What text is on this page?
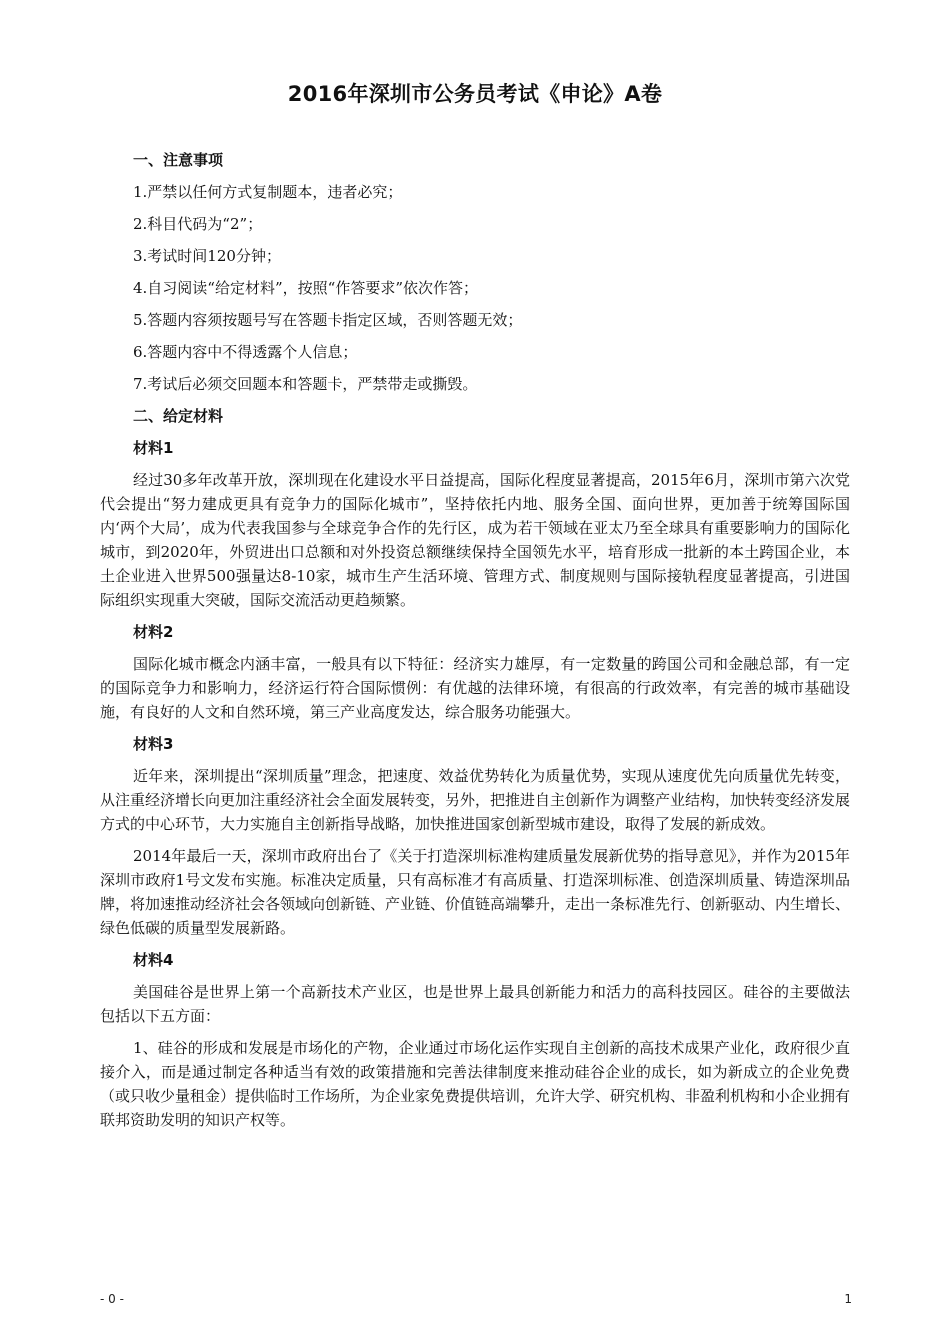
2016年深圳市公务员考试《申论》A卷
一、注意事项
1.严禁以任何方式复制题本，违者必究；
2.科目代码为“2”；
3.考试时间120分钟；
4.自习阅读“给定材料”，按照“作答要求”依次作答；
5.答题内容须按题号写在答题卡指定区域，否则答题无效；
6.答题内容中不得透露个人信息；
7.考试后必须交回题本和答题卡，严禁带走或撕毁。
二、给定材料
材料1

经过30多年改革开放，深圳现在化建设水平日益提高，国际化程度显著提高，2015年6月，深圳市第六次党代会提出“努力建成更具有竞争力的国际化城市”，坚持依托内地、服务全国、面向世界，更加善于统筹国际国内‘两个大局’，成为代表我国参与全球竞争合作的先行区，成为若干领域在亚太乃至全球具有重要影响力的国际化城市，到2020年，外贸进出口总额和对外投资总额继续保持全国领先水平，培育形成一批新的本土跨国企业，本土企业进入世界500强量达8-10家，城市生产生活环境、管理方式、制度规则与国际接轨程度显著提高，引进国际组织实现重大突破，国际交流活动更趋频繁。

材料2

国际化城市概念内涵丰富，一般具有以下特征：经济实力雄厚，有一定数量的跨国公司和金融总部，有一定的国际竞争力和影响力，经济运行符合国际惯例：有优越的法律环境，有很高的行政效率，有完善的城市基础设施，有良好的人文和自然环境，第三产业高度发达，综合服务功能强大。

材料3

近年来，深圳提出“深圳质量”理念，把速度、效益优势转化为质量优势，实现从速度优先向质量优先转变，从注重经济增长向更加注重经济社会全面发展转变，另外，把推进自主创新作为调整产业结构，加快转变经济发展方式的中心环节，大力实施自主创新指导战略，加快推进国家创新型城市建设，取得了发展的新成效。

2014年最后一天，深圳市政府出台了《关于打造深圳标准构建质量发展新优势的指导意见》，并作为2015年深圳市政府1号文发布实施。标准决定质量，只有高标准才有高质量、打造深圳标准、创造深圳质量、铸造深圳品牌，将加速推动经济社会各领域向创新链、产业链、价值链高端攀升，走出一条标准先行、创新驱动、内生增长、绿色低碳的质量型发展新路。

材料4

美国硅谷是世界上第一个高新技术产业区，也是世界上最具创新能力和活力的高科技园区。硅谷的主要做法包括以下五方面：

1、硅谷的形成和发展是市场化的产物，企业通过市场化运作实现自主创新的高技术成果产业化，政府很少直接介入，而是通过制定各种适当有效的政策措施和完善法律制度来推动硅谷企业的成长，如为新成立的企业免费（或只收少量租金）提供临时工作场所，为企业家免费提供培训，允许大学、研究机构、非盈利机构和小企业拥有联邦资助发明的知识产权等。

- 0 -	1
